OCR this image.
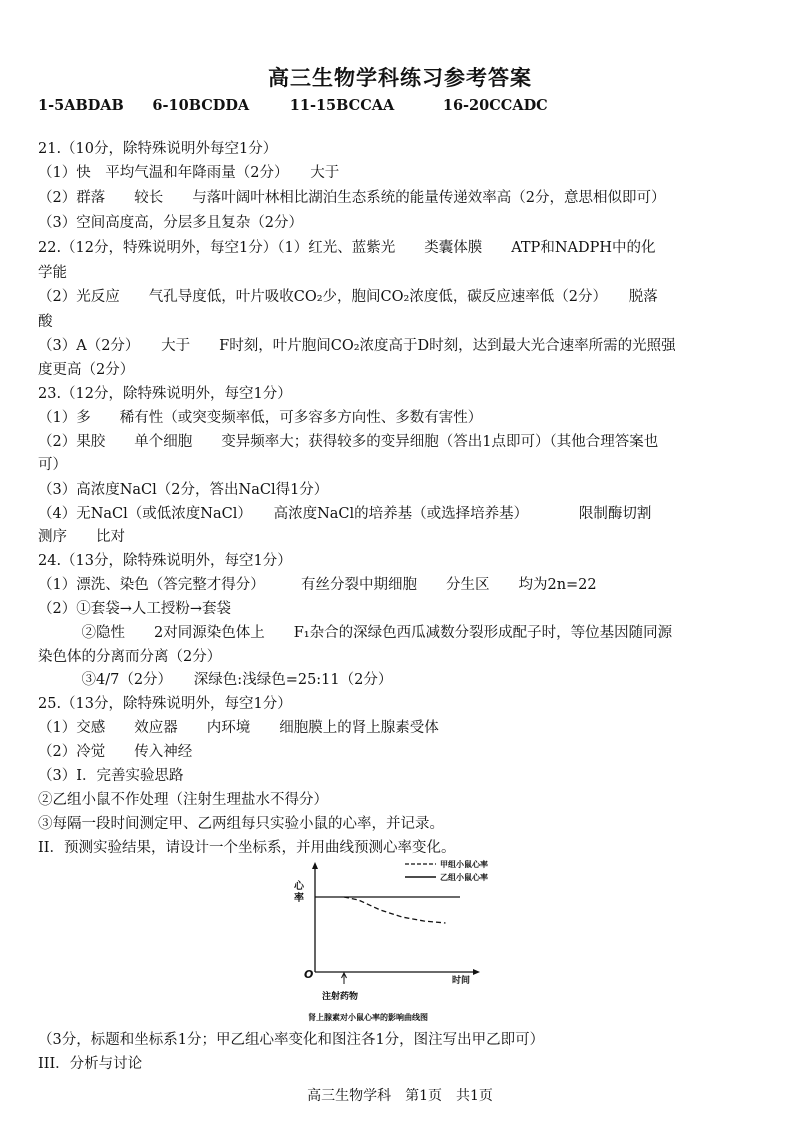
高三生物学科练习参考答案
1-5ABDAB 6-10BCDDA	11-15BCCAA	16-20CCADC
21.（10分，除特殊说明外每空1分）
（1）快　平均气温和年降雨量（2分）　　大于
（2）群落　　较长　　与落叶阔叶林相比湖泊生态系统的能量传递效率高（2分，意思相似即可）
（3）空间高度高，分层多且复杂（2分）
22.（12分，特殊说明外，每空1分）（1）红光、蓝紫光　　类囊体膜　　ATP和NADPH中的化
学能
（2）光反应　　气孔导度低，叶片吸收CO₂少，胞间CO₂浓度低，碳反应速率低（2分）　　脱落
酸
（3）A（2分）　　大于　　F时刻，叶片胞间CO₂浓度高于D时刻，达到最大光合速率所需的光照强
度更高（2分）
23.（12分，除特殊说明外，每空1分）
（1）多　　稀有性（或突变频率低，可多容多方向性、多数有害性）
（2）果胶　　单个细胞　　变异频率大；获得较多的变异细胞（答出1点即可）（其他合理答案也
可）
（3）高浓度NaCl（2分，答出NaCl得1分）
（4）无NaCl（或低浓度NaCl）　　高浓度NaCl的培养基（或选择培养基）　　　　限制酶切割
测序　　比对
24.（13分，除特殊说明外，每空1分）
（1）漂洗、染色（答完整才得分）　　　有丝分裂中期细胞　　分生区　　均为2n=22
（2）①套袋→人工授粉→套袋
　　　②隐性　　2对同源染色体上　　F₁杂合的深绿色西瓜减数分裂形成配子时，等位基因随同源
染色体的分离而分离（2分）
　　　③4/7（2分）　　深绿色:浅绿色=25:11（2分）
25.（13分，除特殊说明外，每空1分）
（1）交感　　效应器　　内环境　　细胞膜上的肾上腺素受体
（2）冷觉　　传入神经
（3）I．完善实验思路
②乙组小鼠不作处理（注射生理盐水不得分）
③每隔一段时间测定甲、乙两组每只实验小鼠的心率，并记录。
II．预测实验结果，请设计一个坐标系，并用曲线预测心率变化。
心率
O	时间
注射药物
肾上腺素对小鼠心率的影响曲线图
甲组小鼠心率
乙组小鼠心率
（3分，标题和坐标系1分；甲乙组心率变化和图注各1分，图注写出甲乙即可）
III．分析与讨论
高三生物学科　第1页　共1页
